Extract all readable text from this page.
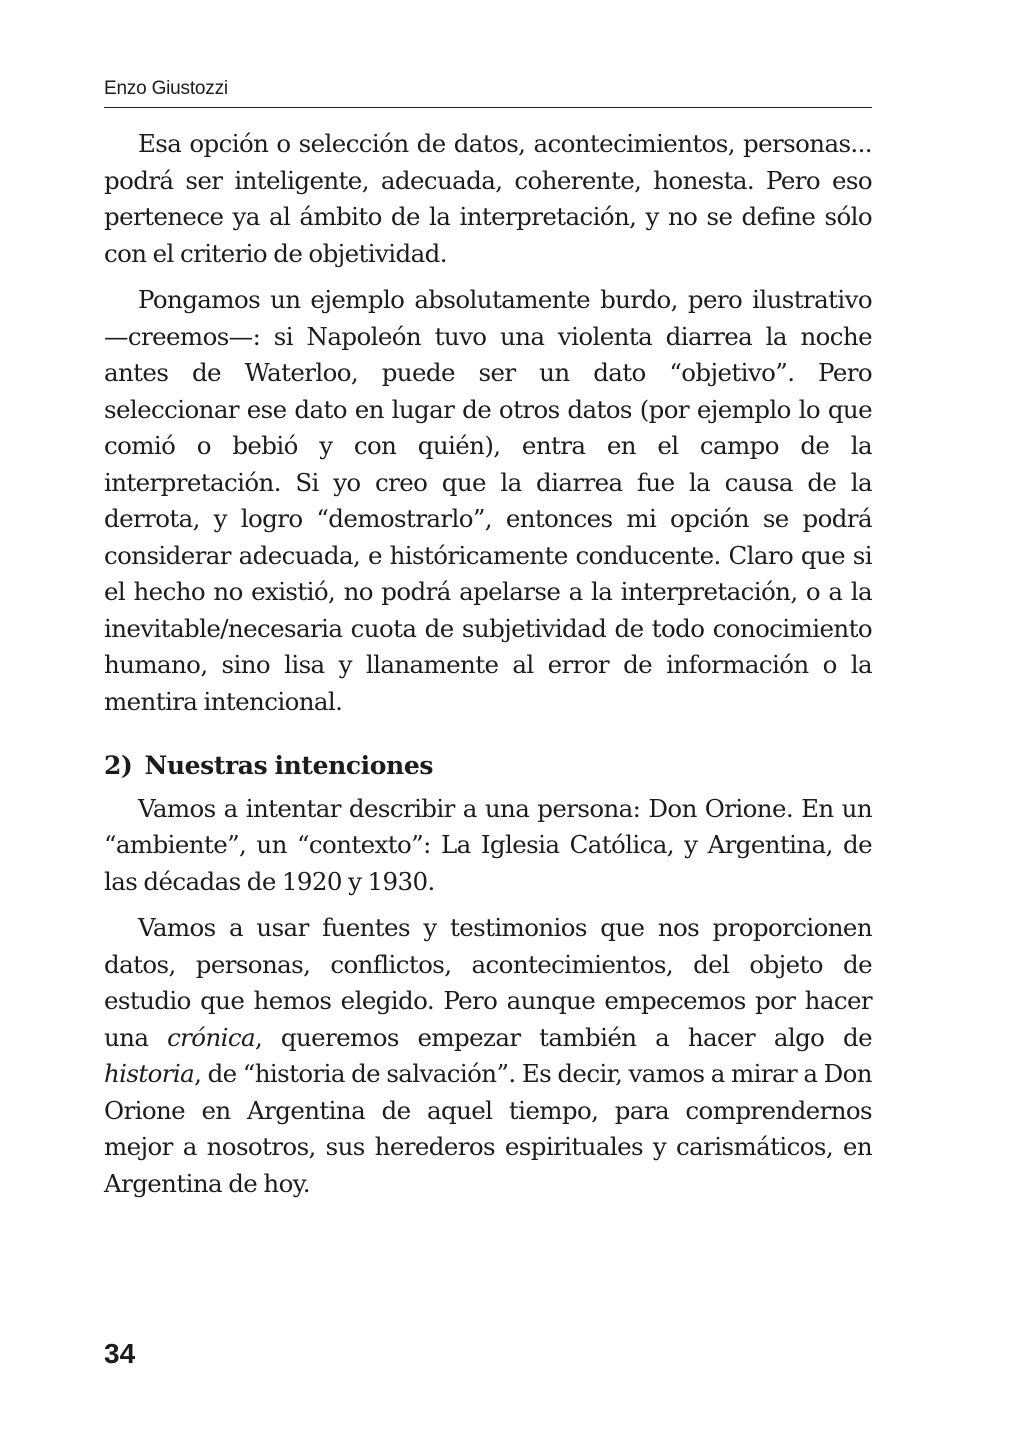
Enzo Giustozzi

Esa opción o selección de datos, acontecimientos, personas... podrá ser inteligente, adecuada, coherente, honesta. Pero eso pertenece ya al ámbito de la interpretación, y no se define sólo con el criterio de objetividad.

Pongamos un ejemplo absolutamente burdo, pero ilustrativo —creemos—: si Napoleón tuvo una violenta diarrea la noche antes de Waterloo, puede ser un dato “objetivo”. Pero seleccionar ese dato en lugar de otros datos (por ejemplo lo que comió o bebió y con quién), entra en el campo de la interpretación. Si yo creo que la diarrea fue la causa de la derrota, y logro “demostrarlo”, entonces mi opción se podrá considerar adecuada, e históricamente conducente. Claro que si el hecho no existió, no podrá apelarse a la interpretación, o a la inevitable/necesaria cuota de subjetividad de todo conocimiento humano, sino lisa y llanamente al error de información o la mentira intencional.

2) Nuestras intenciones

Vamos a intentar describir a una persona: Don Orione. En un “ambiente”, un “contexto”: La Iglesia Católica, y Argentina, de las décadas de 1920 y 1930.

Vamos a usar fuentes y testimonios que nos proporcionen datos, personas, conflictos, acontecimientos, del objeto de estudio que hemos elegido. Pero aunque empecemos por hacer una crónica, queremos empezar también a hacer algo de historia, de “historia de salvación”. Es decir, vamos a mirar a Don Orione en Argentina de aquel tiempo, para comprendernos mejor a nosotros, sus herederos espirituales y carismáticos, en Argentina de hoy.

34
